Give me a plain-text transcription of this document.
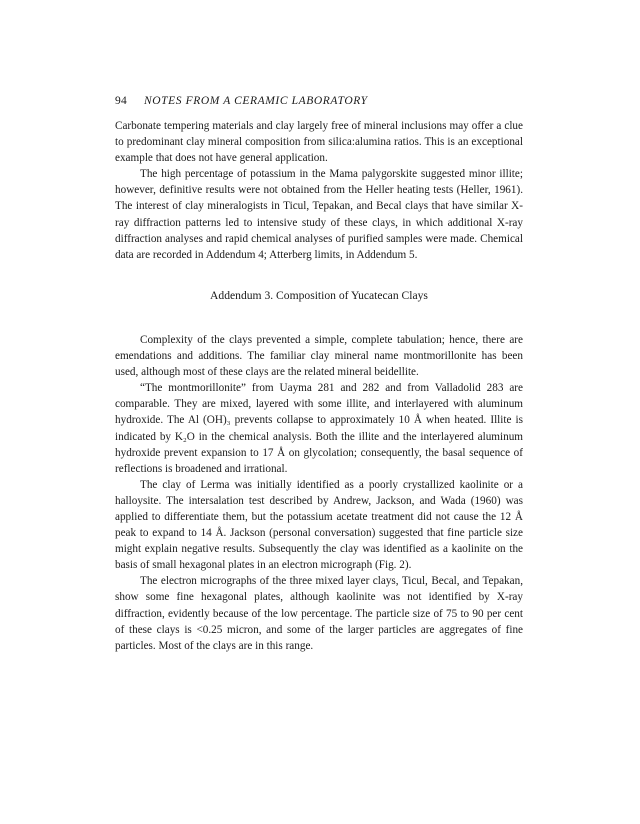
94 NOTES FROM A CERAMIC LABORATORY

Carbonate tempering materials and clay largely free of mineral inclusions may offer a clue to predominant clay mineral composition from silica:alumina ratios. This is an exceptional example that does not have general application.

The high percentage of potassium in the Mama palygorskite suggested minor illite; however, definitive results were not obtained from the Heller heating tests (Heller, 1961). The interest of clay mineralogists in Ticul, Tepakan, and Becal clays that have similar X-ray diffraction patterns led to intensive study of these clays, in which additional X-ray diffraction analyses and rapid chemical analyses of purified samples were made. Chemical data are recorded in Addendum 4; Atterberg limits, in Addendum 5.

Addendum 3. Composition of Yucatecan Clays

Complexity of the clays prevented a simple, complete tabulation; hence, there are emendations and additions. The familiar clay mineral name montmorillonite has been used, although most of these clays are the related mineral beidellite.

“The montmorillonite” from Uayma 281 and 282 and from Valladolid 283 are comparable. They are mixed, layered with some illite, and interlayered with aluminum hydroxide. The Al (OH)₃ prevents collapse to approximately 10 Å when heated. Illite is indicated by K₂O in the chemical analysis. Both the illite and the interlayered aluminum hydroxide prevent expansion to 17 Å on glycolation; consequently, the basal sequence of reflections is broadened and irrational.

The clay of Lerma was initially identified as a poorly crystallized kaolinite or a halloysite. The intersalation test described by Andrew, Jackson, and Wada (1960) was applied to differentiate them, but the potassium acetate treatment did not cause the 12 Å peak to expand to 14 Å. Jackson (personal conversation) suggested that fine particle size might explain negative results. Subsequently the clay was identified as a kaolinite on the basis of small hexagonal plates in an electron micrograph (Fig. 2).

The electron micrographs of the three mixed layer clays, Ticul, Becal, and Tepakan, show some fine hexagonal plates, although kaolinite was not identified by X-ray diffraction, evidently because of the low percentage. The particle size of 75 to 90 per cent of these clays is <0.25 micron, and some of the larger particles are aggregates of fine particles. Most of the clays are in this range.
